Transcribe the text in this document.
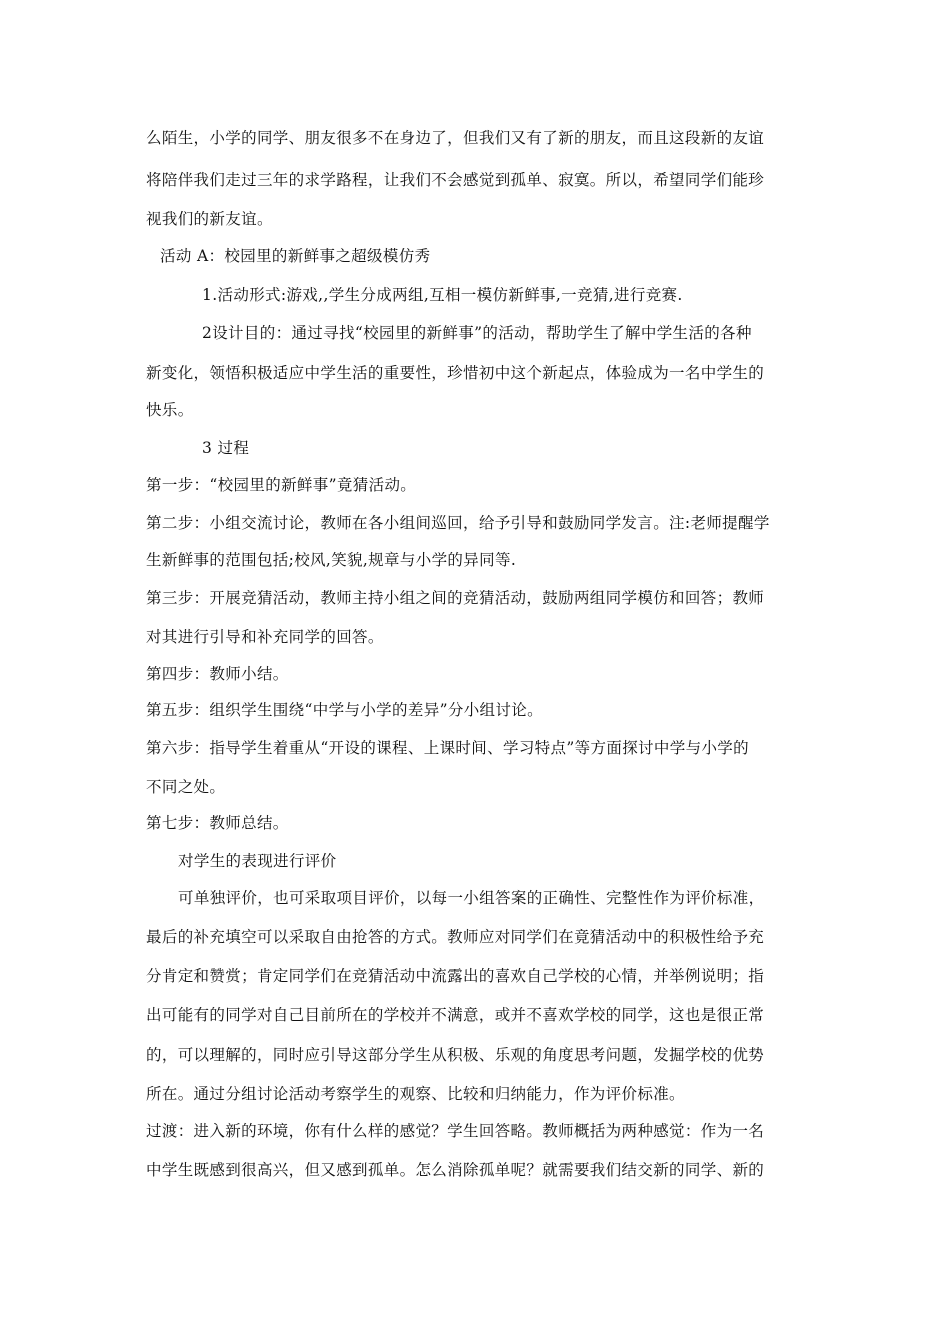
么陌生，小学的同学、朋友很多不在身边了，但我们又有了新的朋友，而且这段新的友谊
将陪伴我们走过三年的求学路程，让我们不会感觉到孤单、寂寞。所以，希望同学们能珍
视我们的新友谊。
活动 A：校园里的新鲜事之超级模仿秀
1.活动形式:游戏,,学生分成两组,互相一模仿新鲜事,一竞猜,进行竞赛.
2设计目的：通过寻找“校园里的新鲜事”的活动，帮助学生了解中学生活的各种
新变化，领悟积极适应中学生活的重要性，珍惜初中这个新起点，体验成为一名中学生的
快乐。
3 过程
第一步：“校园里的新鲜事”竟猜活动。
第二步：小组交流讨论，教师在各小组间巡回，给予引导和鼓励同学发言。注:老师提醒学
生新鲜事的范围包括;校风,笑貌,规章与小学的异同等.
第三步：开展竞猜活动，教师主持小组之间的竞猜活动，鼓励两组同学模仿和回答；教师
对其进行引导和补充同学的回答。
第四步：教师小结。
第五步：组织学生围绕“中学与小学的差异”分小组讨论。
第六步：指导学生着重从“开设的课程、上课时间、学习特点”等方面探讨中学与小学的
不同之处。
第七步：教师总结。
对学生的表现进行评价
可单独评价，也可采取项目评价，以每一小组答案的正确性、完整性作为评价标准，
最后的补充填空可以采取自由抢答的方式。教师应对同学们在竟猜活动中的积极性给予充
分肯定和赞赏；肯定同学们在竞猜活动中流露出的喜欢自己学校的心情，并举例说明；指
出可能有的同学对自己目前所在的学校并不满意，或并不喜欢学校的同学，这也是很正常
的，可以理解的，同时应引导这部分学生从积极、乐观的角度思考问题，发掘学校的优势
所在。通过分组讨论活动考察学生的观察、比较和归纳能力，作为评价标准。
过渡：进入新的环境，你有什么样的感觉？学生回答略。教师概括为两种感觉：作为一名
中学生既感到很高兴，但又感到孤单。怎么消除孤单呢？就需要我们结交新的同学、新的
